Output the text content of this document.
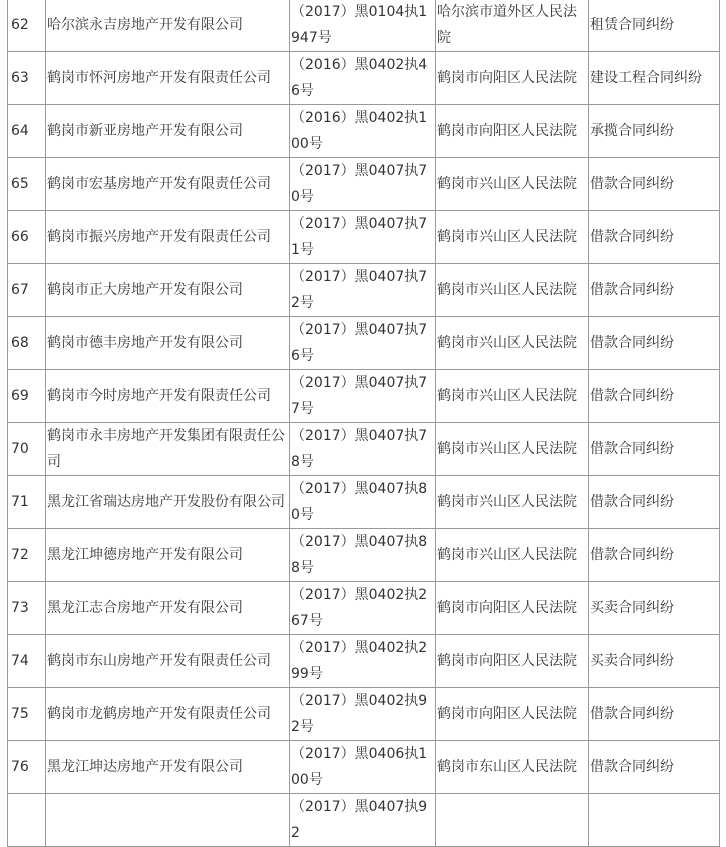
62	哈尔滨永吉房地产开发有限公司	（2017）黑0104执1947号	哈尔滨市道外区人民法院	租赁合同纠纷
63	鹤岗市怀河房地产开发有限责任公司	（2016）黑0402执46号	鹤岗市向阳区人民法院	建设工程合同纠纷
64	鹤岗市新亚房地产开发有限公司	（2016）黑0402执100号	鹤岗市向阳区人民法院	承揽合同纠纷
65	鹤岗市宏基房地产开发有限责任公司	（2017）黑0407执70号	鹤岗市兴山区人民法院	借款合同纠纷
66	鹤岗市振兴房地产开发有限责任公司	（2017）黑0407执71号	鹤岗市兴山区人民法院	借款合同纠纷
67	鹤岗市正大房地产开发有限公司	（2017）黑0407执72号	鹤岗市兴山区人民法院	借款合同纠纷
68	鹤岗市德丰房地产开发有限公司	（2017）黑0407执76号	鹤岗市兴山区人民法院	借款合同纠纷
69	鹤岗市今时房地产开发有限责任公司	（2017）黑0407执77号	鹤岗市兴山区人民法院	借款合同纠纷
70	鹤岗市永丰房地产开发集团有限责任公司	（2017）黑0407执78号	鹤岗市兴山区人民法院	借款合同纠纷
71	黑龙江省瑞达房地产开发股份有限公司	（2017）黑0407执80号	鹤岗市兴山区人民法院	借款合同纠纷
72	黑龙江坤德房地产开发有限公司	（2017）黑0407执88号	鹤岗市兴山区人民法院	借款合同纠纷
73	黑龙江志合房地产开发有限公司	（2017）黑0402执267号	鹤岗市向阳区人民法院	买卖合同纠纷
74	鹤岗市东山房地产开发有限责任公司	（2017）黑0402执299号	鹤岗市向阳区人民法院	买卖合同纠纷
75	鹤岗市龙鹤房地产开发有限责任公司	（2017）黑0402执92号	鹤岗市向阳区人民法院	借款合同纠纷
76	黑龙江坤达房地产开发有限公司	（2017）黑0406执100号	鹤岗市东山区人民法院	借款合同纠纷
		（2017）黑0407执92		
